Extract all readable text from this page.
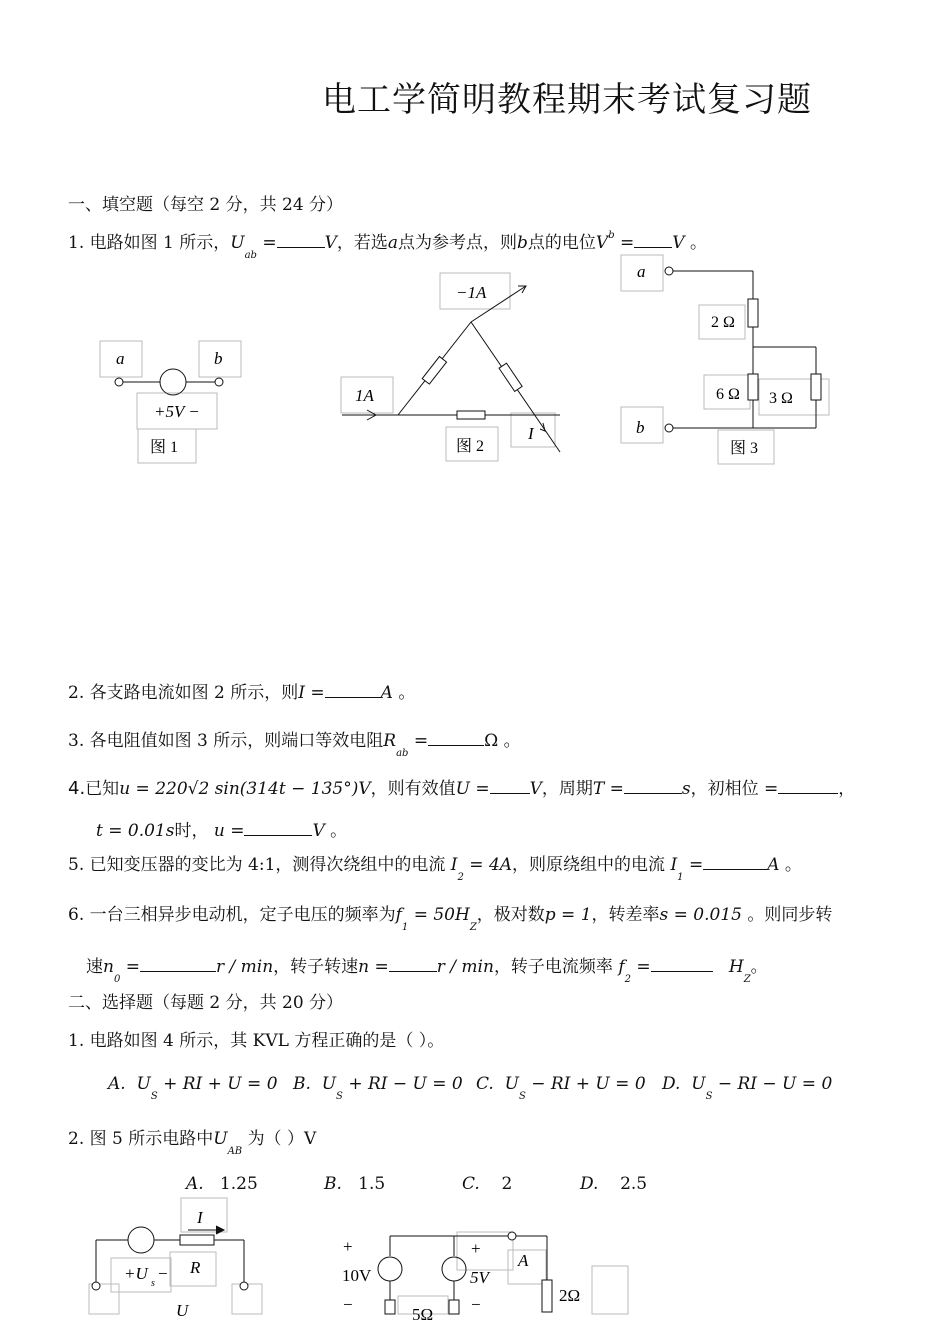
电工学简明教程期末考试复习题
一、填空题（每空 2 分，共 24 分）
1. 电路如图 1 所示，$U_{ab}$ =	V，若选a点为参考点，则b点的电位$V^b = V$ 。
a	b
+5V −
图 1
−1A
1A
I
图 2
a
b
2 Ω
6 Ω 3 Ω
图 3
2. 各支路电流如图 2 所示，则I =	A 。
3. 各电阻值如图 3 所示，则端口等效电阻$R_{ab}$ =	Ω 。
4.已知u = 220√2 sin(314t − 135°)V，则有效值U = V，周期T =	s，初相位 =	，
t = 0.01s时， u =	V 。
5. 已知变压器的变比为 4:1，测得次绕组中的电流 $I_2 = 4A$，则原绕组中的电流 $I_1$ =	A 。
6. 一台三相异步电动机，定子电压的频率为$f_1 = 50H_Z$，极对数p = 1，转差率s = 0.015 。则同步转
速$n_0$ =	r / min，转子转速n =	r / min，转子电流频率 $f_2$ =	$H_Z$。
二、选择题（每题 2 分，共 20 分）
1. 电路如图 4 所示，其 KVL 方程正确的是（ ）。
A. $U_S$ + RI + U = 0 B. $U_S$ + RI − U = 0 C. $U_S$ − RI + U = 0 D. $U_S$ − RI − U = 0
2. 图 5 所示电路中$U_{AB}$ 为（ ）V
A. 1.25	B. 1.5	C. 2	D. 2.5
I
+U
s
− R
U
+
10V
−
+
5V
−
A
2Ω
5Ω
